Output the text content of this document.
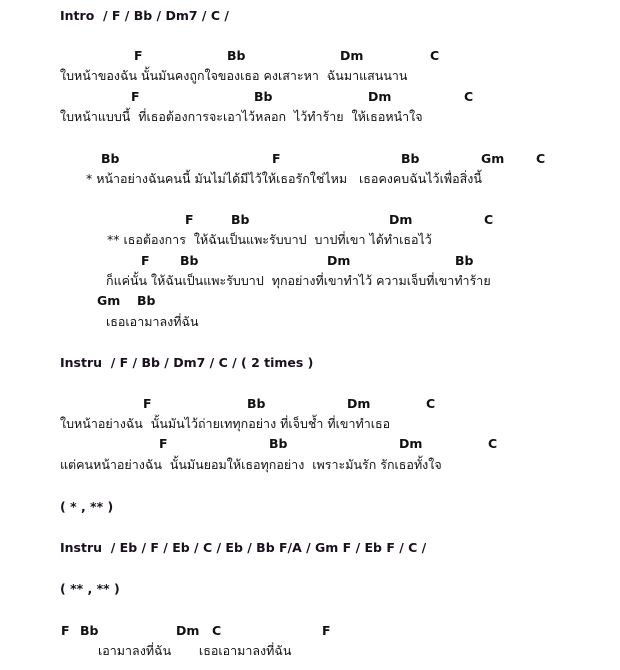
Intro  / F / Bb / Dm7 / C /
F	Bb	Dm	C
ใบหน้าของฉัน นั้นมันคงถูกใจของเธอ คงเสาะหา  ฉันมาแสนนาน
F	Bb	Dm	C
ใบหน้าแบบนี้  ที่เธอต้องการจะเอาไว้หลอก  ไว้ทำร้าย  ให้เธอหนำใจ
Bb	F	Bb	Gm	C
* หน้าอย่างฉันคนนี้ มันไม่ได้มีไว้ให้เธอรักใช่ไหม   เธอคงคบฉันไว้เพื่อสิ่งนี้
F	Bb	Dm	C
** เธอต้องการ  ให้ฉันเป็นแพะรับบาป  บาปที่เขา ได้ทำเธอไว้
F Bb	Dm	Bb
ก็แค่นั้น ให้ฉันเป็นแพะรับบาป  ทุกอย่างที่เขาทำไว้ ความเจ็บที่เขาทำร้าย
Gm Bb
เธอเอามาลงที่ฉัน
Instru  / F / Bb / Dm7 / C / ( 2 times )
F	Bb	Dm	C
ใบหน้าอย่างฉัน  นั้นมันไว้ถ่ายเททุกอย่าง ที่เจ็บช้ำ ที่เขาทำเธอ
F	Bb	Dm	C
แต่คนหน้าอย่างฉัน  นั้นมันยอมให้เธอทุกอย่าง  เพราะมันรัก รักเธอทั้งใจ
( * , ** )
Instru  / Eb / F / Eb / C / Eb / Bb F/A / Gm F / Eb F / C /
( ** , ** )
F Bb	Dm C	F
เอามาลงที่ฉัน       เธอเอามาลงที่ฉัน
